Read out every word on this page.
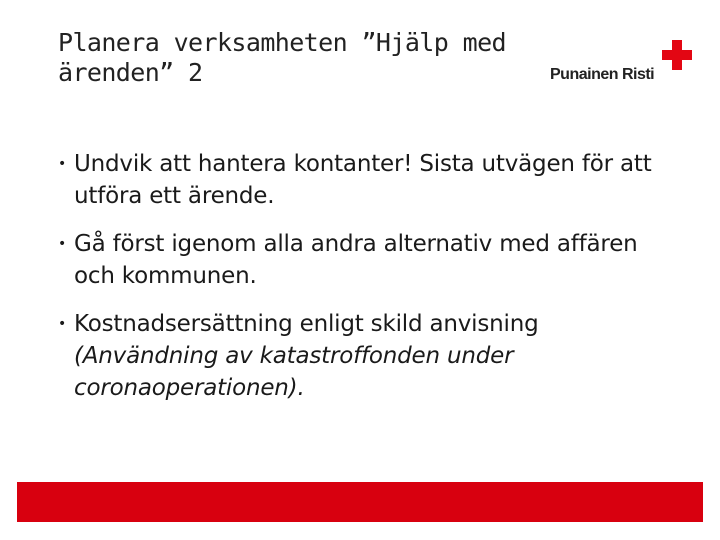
Planera verksamheten ”Hjälp med ärenden” 2	Punainen Risti
• Undvik att hantera kontanter! Sista utvägen för att utföra ett ärende.
• Gå först igenom alla andra alternativ med affären och kommunen.
• Kostnadsersättning enligt skild anvisning (Användning av katastroffonden under coronaoperationen).
